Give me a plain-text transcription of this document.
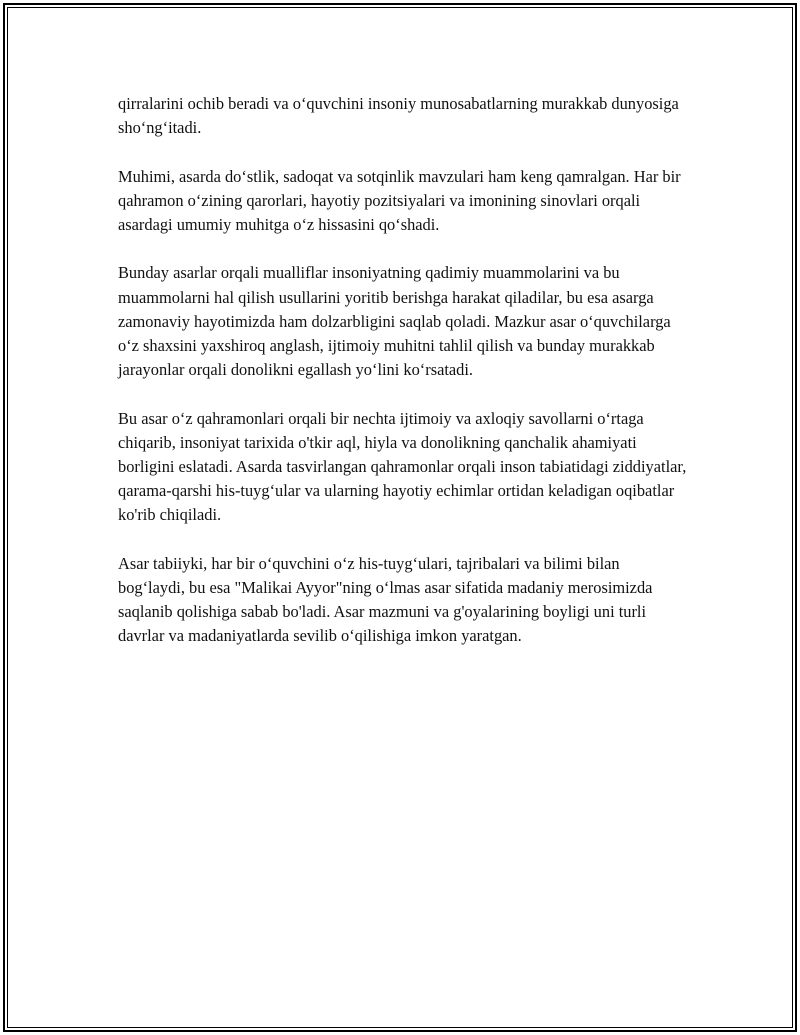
qirralarini ochib beradi va o‘quvchini insoniy munosabatlarning murakkab dunyosiga sho‘ng‘itadi.

Muhimi, asarda do‘stlik, sadoqat va sotqinlik mavzulari ham keng qamralgan. Har bir qahramon o‘zining qarorlari, hayotiy pozitsiyalari va imonining sinovlari orqali asardagi umumiy muhitga o‘z hissasini qo‘shadi.

Bunday asarlar orqali mualliflar insoniyatning qadimiy muammolarini va bu muammolarni hal qilish usullarini yoritib berishga harakat qiladilar, bu esa asarga zamonaviy hayotimizda ham dolzarbligini saqlab qoladi. Mazkur asar o‘quvchilarga o‘z shaxsini yaxshiroq anglash, ijtimoiy muhitni tahlil qilish va bunday murakkab jarayonlar orqali donolikni egallash yo‘lini ko‘rsatadi.

Bu asar o‘z qahramonlari orqali bir nechta ijtimoiy va axloqiy savollarni o‘rtaga chiqarib, insoniyat tarixida o'tkir aql, hiyla va donolikning qanchalik ahamiyati borligini eslatadi. Asarda tasvirlangan qahramonlar orqali inson tabiatidagi ziddiyatlar, qarama-qarshi his-tuyg‘ular va ularning hayotiy echimlar ortidan keladigan oqibatlar ko'rib chiqiladi.

Asar tabiiyki, har bir o‘quvchini o‘z his-tuyg‘ulari, tajribalari va bilimi bilan bog‘laydi, bu esa "Malikai Ayyor"ning o‘lmas asar sifatida madaniy merosimizda saqlanib qolishiga sabab bo'ladi. Asar mazmuni va g'oyalarining boyligi uni turli davrlar va madaniyatlarda sevilib o‘qilishiga imkon yaratgan.
